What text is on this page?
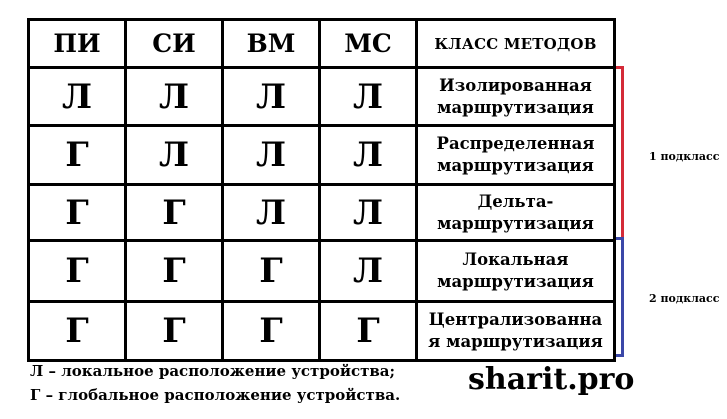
ПИ	СИ	ВМ	МС	КЛАСС МЕТОДОВ
Л	Л	Л	Л	Изолированная
маршрутизация
Г	Л	Л	Л	Распределенная
маршрутизация
Г	Г	Л	Л	Дельта-
маршрутизация
Г	Г	Г	Л	Локальная
маршрутизация
Г	Г	Г	Г	Централизованна
я маршрутизация
1 подкласс
2 подкласс
Л – локальное расположение устройства;
Г – глобальное расположение устройства. sharit.pro
